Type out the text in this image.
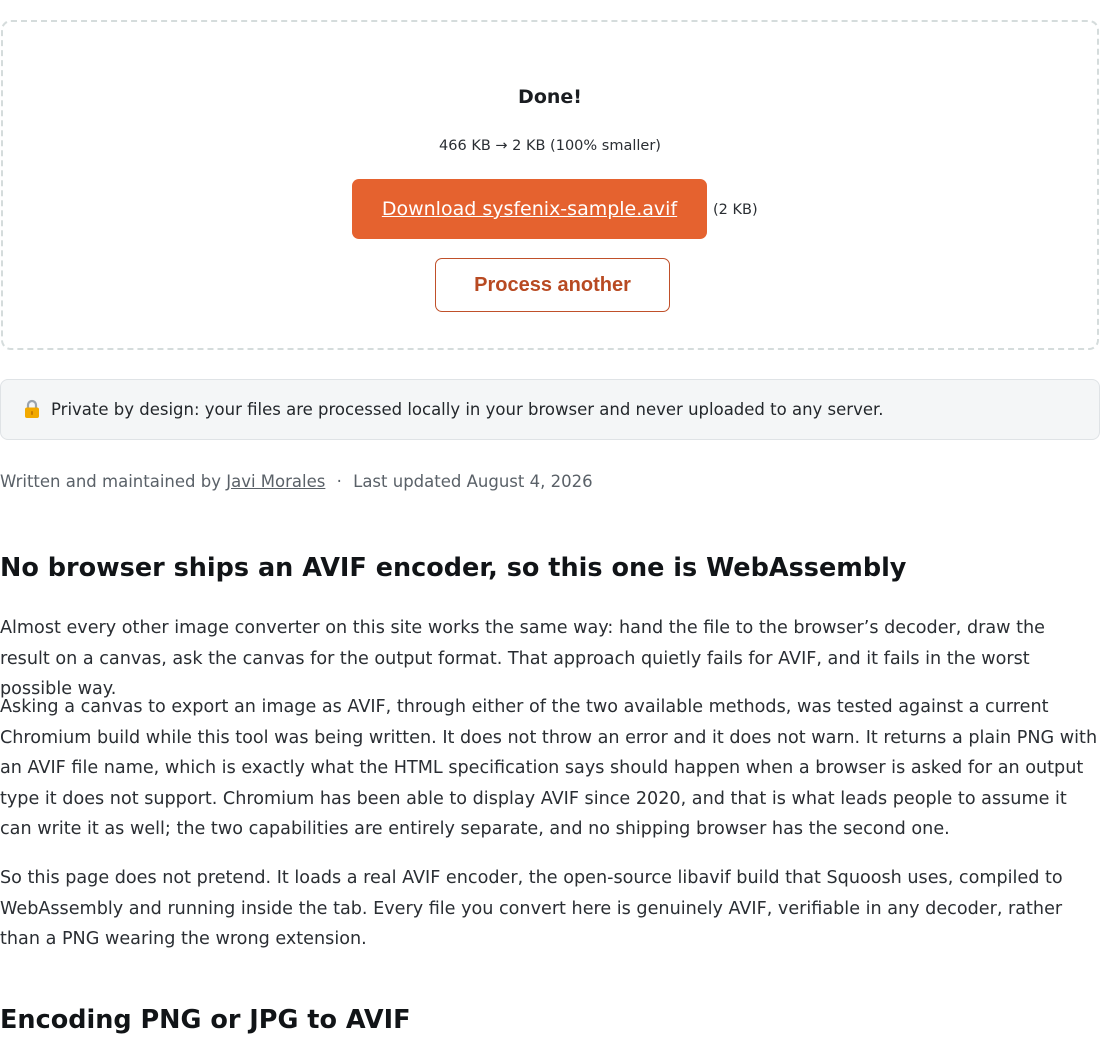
Done!
466 KB → 2 KB (100% smaller)
Download sysfenix-sample.avif	(2 KB)
Process another
Private by design: your files are processed locally in your browser and never uploaded to any server.
Written and maintained by Javi Morales · Last updated August 4, 2026
No browser ships an AVIF encoder, so this one is WebAssembly

Almost every other image converter on this site works the same way: hand the file to the browser’s decoder, draw the result on a canvas, ask the canvas for the output format. That approach quietly fails for AVIF, and it fails in the worst possible way.

Asking a canvas to export an image as AVIF, through either of the two available methods, was tested against a current Chromium build while this tool was being written. It does not throw an error and it does not warn. It returns a plain PNG with an AVIF file name, which is exactly what the HTML specification says should happen when a browser is asked for an output type it does not support. Chromium has been able to display AVIF since 2020, and that is what leads people to assume it can write it as well; the two capabilities are entirely separate, and no shipping browser has the second one.

So this page does not pretend. It loads a real AVIF encoder, the open-source libavif build that Squoosh uses, compiled to WebAssembly and running inside the tab. Every file you convert here is genuinely AVIF, verifiable in any decoder, rather than a PNG wearing the wrong extension.

Encoding PNG or JPG to AVIF
